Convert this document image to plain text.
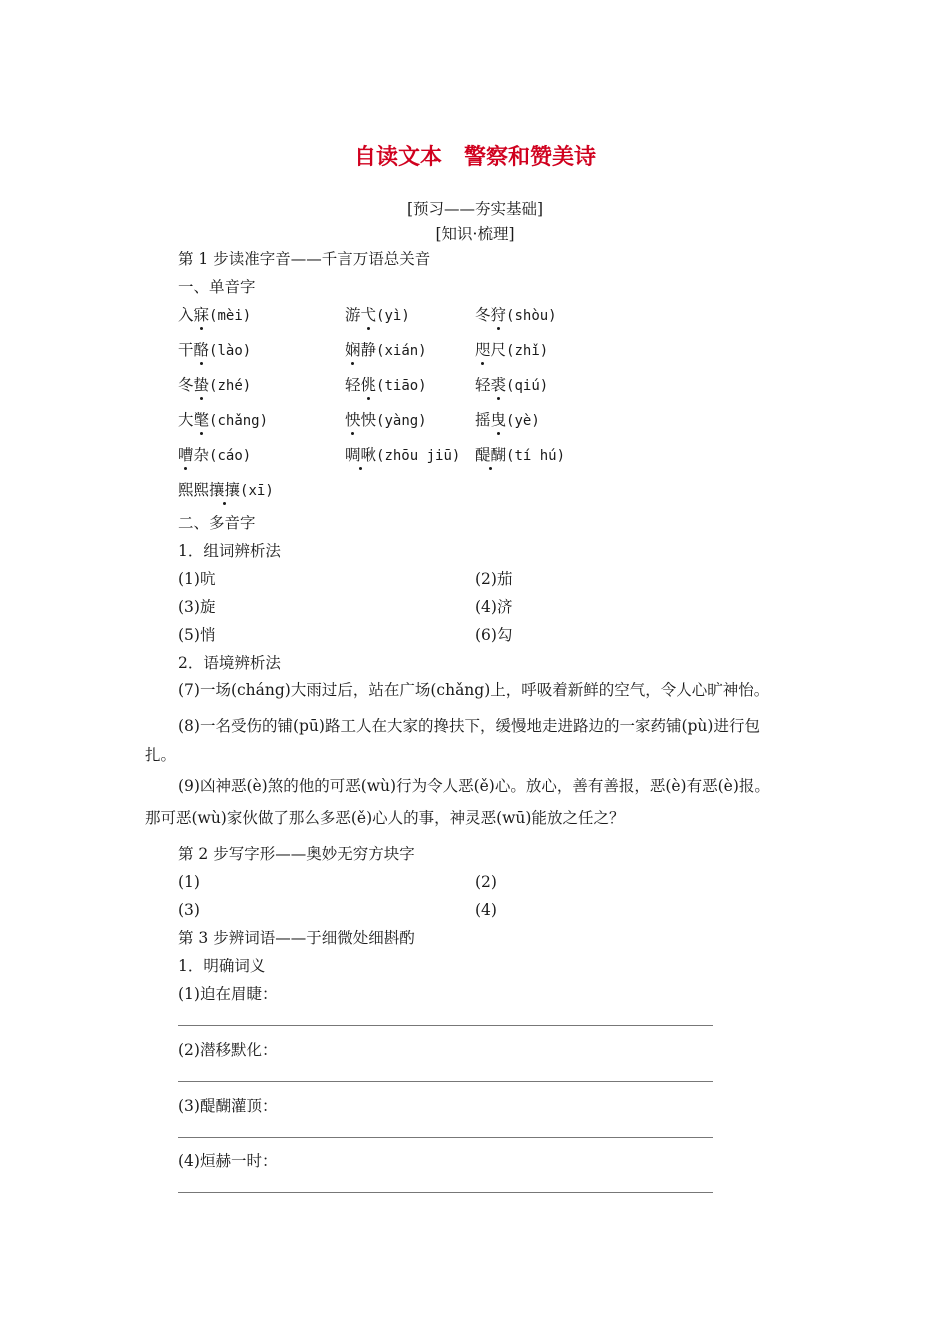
自读文本　警察和赞美诗
[预习——夯实基础]
[知识·梳理]
第 1 步读准字音——千言万语总关音
一、单音字
入寐(mèi)	游弋(yì)	冬狩(shòu)
干酪(lào)	娴静(xián)	咫尺(zhǐ)
冬蛰(zhé)	轻佻(tiāo)	轻裘(qiú)
大氅(chǎng)	怏怏(yàng)	摇曳(yè)
嘈杂(cáo)	啁啾(zhōu jiū) 醍醐(tí hú)
熙熙攘攘(xī)
二、多音字
1．组词辨析法
(1)吭	(2)茄
(3)旋	(4)济
(5)悄	(6)勾
2．语境辨析法
(7)一场(cháng)大雨过后，站在广场(chǎng)上，呼吸着新鲜的空气，令人心旷神怡。
(8)一名受伤的铺(pū)路工人在大家的搀扶下，缓慢地走进路边的一家药铺(pù)进行包
扎。
(9)凶神恶(è)煞的他的可恶(wù)行为令人恶(ě)心。放心，善有善报，恶(è)有恶(è)报。
那可恶(wù)家伙做了那么多恶(ě)心人的事，神灵恶(wū)能放之任之？
第 2 步写字形——奥妙无穷方块字
(1)	(2)
(3)	(4)
第 3 步辨词语——于细微处细斟酌
1．明确词义
(1)迫在眉睫：
(2)潜移默化：
(3)醍醐灌顶：
(4)烜赫一时：
